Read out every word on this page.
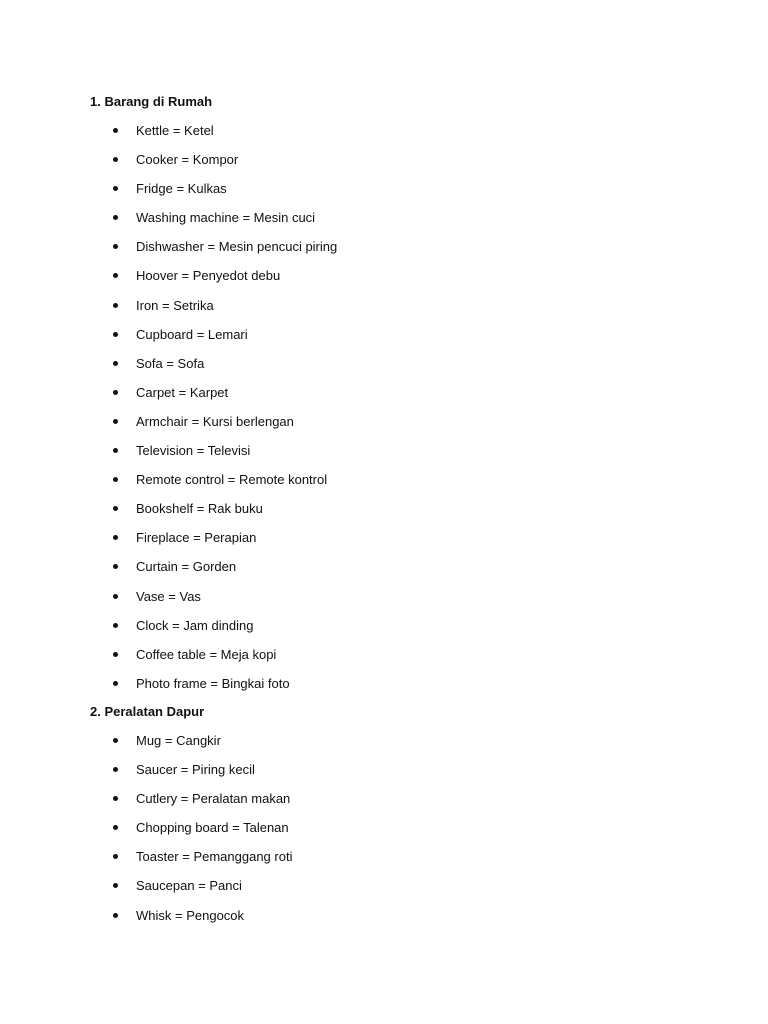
1. Barang di Rumah
Kettle = Ketel
Cooker = Kompor
Fridge = Kulkas
Washing machine = Mesin cuci
Dishwasher = Mesin pencuci piring
Hoover = Penyedot debu
Iron = Setrika
Cupboard = Lemari
Sofa = Sofa
Carpet = Karpet
Armchair = Kursi berlengan
Television = Televisi
Remote control = Remote kontrol
Bookshelf = Rak buku
Fireplace = Perapian
Curtain = Gorden
Vase = Vas
Clock = Jam dinding
Coffee table = Meja kopi
Photo frame = Bingkai foto
2. Peralatan Dapur
Mug = Cangkir
Saucer = Piring kecil
Cutlery = Peralatan makan
Chopping board = Talenan
Toaster = Pemanggang roti
Saucepan = Panci
Whisk = Pengocok
